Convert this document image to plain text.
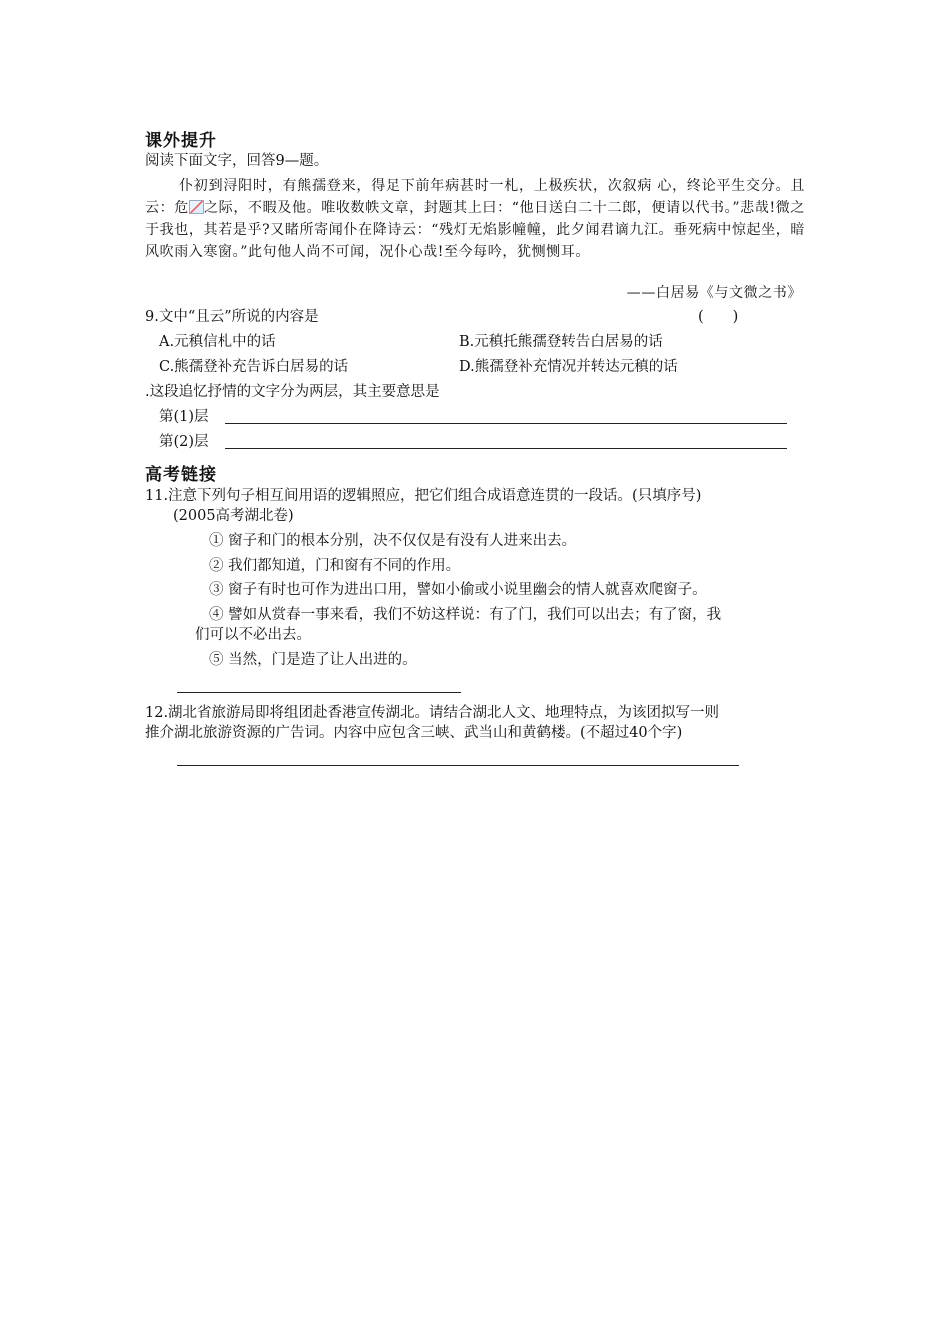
课外提升
阅读下面文字，回答9—题。
仆初到浔阳时，有熊孺登来，得足下前年病甚时一札，上极疾状，次叙病 心，终论平生交分。且云：危 之际，不暇及他。唯收数帙文章，封题其上曰：“他日送白二十二郎，便请以代书。”悲哉!微之于我也，其若是乎?又睹所寄闻仆在降诗云：“残灯无焰影幢幢，此夕闻君谪九江。垂死病中惊起坐，暗风吹雨入寒窗。”此句他人尚不可闻，况仆心哉!至今每吟，犹恻恻耳。
——白居易《与文微之书》
9.文中“且云”所说的内容是	(　　)
A.元稹信札中的话	B.元稹托熊孺登转告白居易的话
C.熊孺登补充告诉白居易的话	D.熊孺登补充情况并转达元稹的话
.这段追忆抒情的文字分为两层，其主要意思是
第(1)层
第(2)层
高考链接
11.注意下列句子相互间用语的逻辑照应，把它们组合成语意连贯的一段话。(只填序号)
(2005高考湖北卷)
① 窗子和门的根本分别，决不仅仅是有没有人进来出去。
② 我们都知道，门和窗有不同的作用。
③ 窗子有时也可作为进出口用，譬如小偷或小说里幽会的情人就喜欢爬窗子。
④ 譬如从赏春一事来看，我们不妨这样说：有了门，我们可以出去；有了窗，我
们可以不必出去。
⑤ 当然，门是造了让人出进的。
12.湖北省旅游局即将组团赴香港宣传湖北。请结合湖北人文、地理特点，为该团拟写一则
推介湖北旅游资源的广告词。内容中应包含三峡、武当山和黄鹤楼。(不超过40个字)
